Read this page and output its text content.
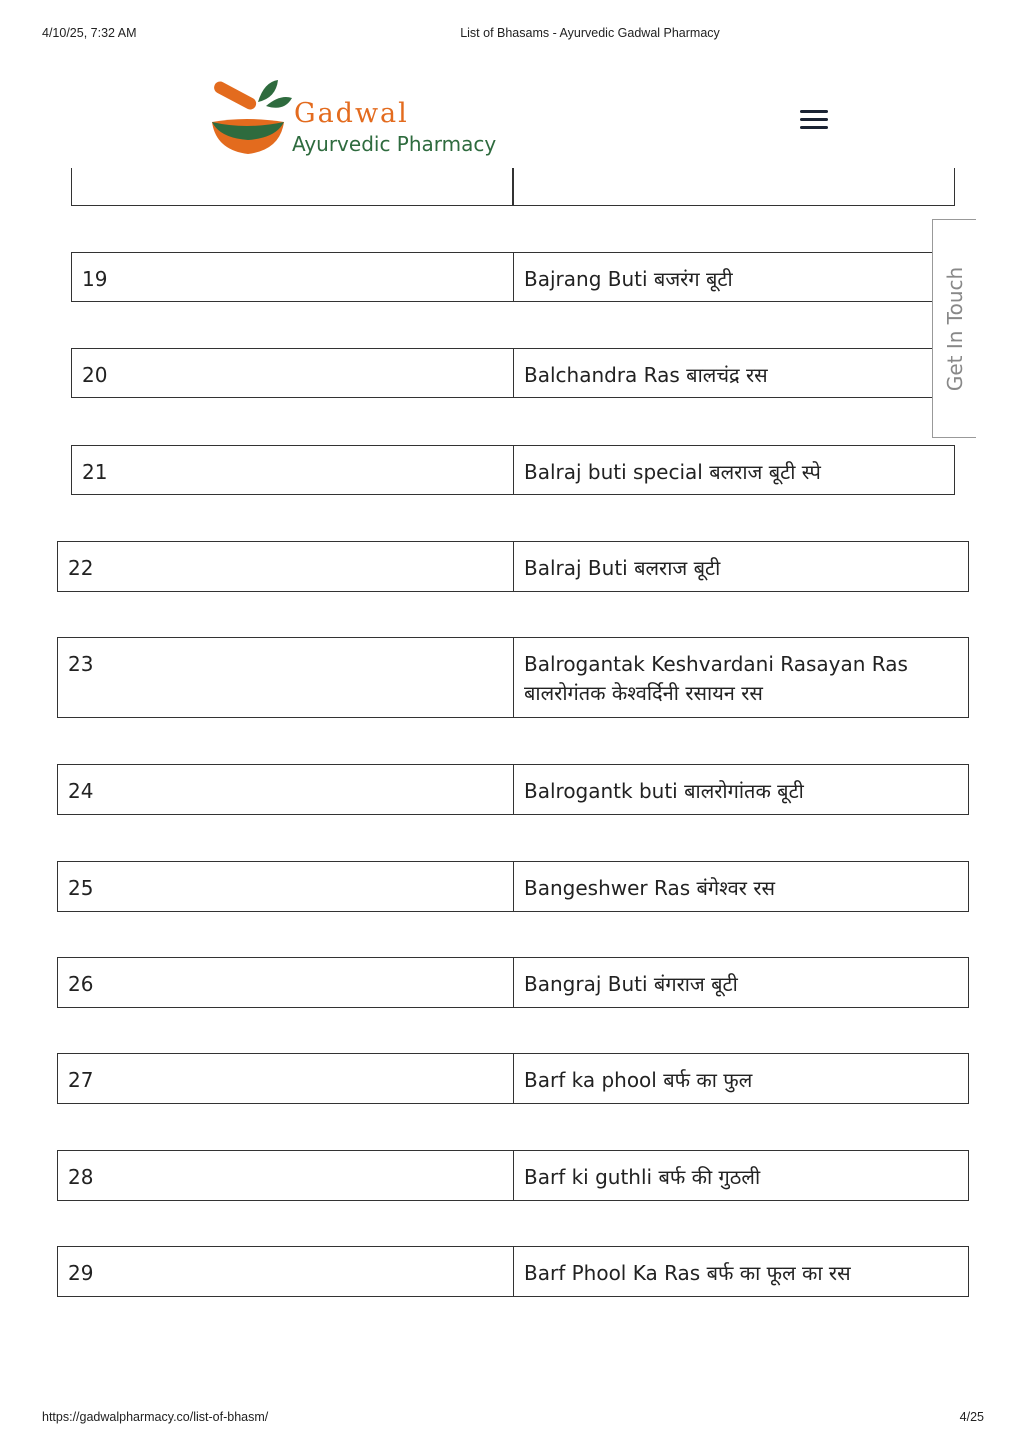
4/10/25, 7:32 AM	List of Bhasams - Ayurvedic Gadwal Pharmacy
Gadwal
Ayurvedic Pharmacy
19	Bajrang Buti बजरंग बूटी
20	Balchandra Ras बालचंद्र रस
21	Balraj buti special बलराज बूटी स्पे
22	Balraj Buti बलराज बूटी
23	Balrogantak Keshvardani Rasayan Ras बालरोगंतक केश्वर्दिनी रसायन रस
24	Balrogantk buti बालरोगांतक बूटी
25	Bangeshwer Ras बंगेश्वर रस
26	Bangraj Buti बंगराज बूटी
27	Barf ka phool बर्फ का फुल
28	Barf ki guthli बर्फ की गुठली
29	Barf Phool Ka Ras बर्फ का फूल का रस
Get In Touch
https://gadwalpharmacy.co/list-of-bhasm/	4/25
